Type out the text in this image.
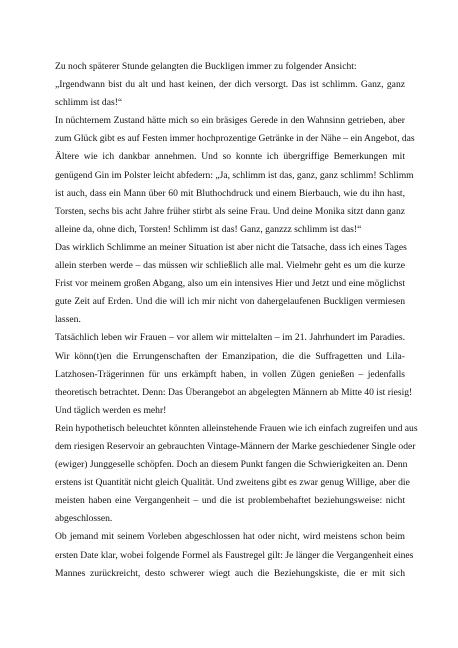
Zu noch späterer Stunde gelangten die Buckligen immer zu folgender Ansicht:
„Irgendwann bist du alt und hast keinen, der dich versorgt. Das ist schlimm. Ganz, ganz
schlimm ist das!“
In nüchternem Zustand hätte mich so ein bräsiges Gerede in den Wahnsinn getrieben, aber
zum Glück gibt es auf Festen immer hochprozentige Getränke in der Nähe – ein Angebot, das
Ältere wie ich dankbar annehmen. Und so konnte ich übergriffige Bemerkungen mit
genügend Gin im Polster leicht abfedern: „Ja, schlimm ist das, ganz, ganz schlimm! Schlimm
ist auch, dass ein Mann über 60 mit Bluthochdruck und einem Bierbauch, wie du ihn hast,
Torsten, sechs bis acht Jahre früher stirbt als seine Frau. Und deine Monika sitzt dann ganz
alleine da, ohne dich, Torsten! Schlimm ist das! Ganz, ganzzz schlimm ist das!“
Das wirklich Schlimme an meiner Situation ist aber nicht die Tatsache, dass ich eines Tages
allein sterben werde – das müssen wir schließlich alle mal. Vielmehr geht es um die kurze
Frist vor meinem großen Abgang, also um ein intensives Hier und Jetzt und eine möglichst
gute Zeit auf Erden. Und die will ich mir nicht von dahergelaufenen Buckligen vermiesen
lassen.
Tatsächlich leben wir Frauen – vor allem wir mittelalten – im 21. Jahrhundert im Paradies.
Wir könn(t)en die Errungenschaften der Emanzipation, die die Suffragetten und Lila-
Latzhosen-Trägerinnen für uns erkämpft haben, in vollen Zügen genießen – jedenfalls
theoretisch betrachtet. Denn: Das Überangebot an abgelegten Männern ab Mitte 40 ist riesig!
Und täglich werden es mehr!
Rein hypothetisch beleuchtet könnten alleinstehende Frauen wie ich einfach zugreifen und aus
dem riesigen Reservoir an gebrauchten Vintage-Männern der Marke geschiedener Single oder
(ewiger) Junggeselle schöpfen. Doch an diesem Punkt fangen die Schwierigkeiten an. Denn
erstens ist Quantität nicht gleich Qualität. Und zweitens gibt es zwar genug Willige, aber die
meisten haben eine Vergangenheit – und die ist problembehaftet beziehungsweise: nicht
abgeschlossen.
Ob jemand mit seinem Vorleben abgeschlossen hat oder nicht, wird meistens schon beim
ersten Date klar, wobei folgende Formel als Faustregel gilt: Je länger die Vergangenheit eines
Mannes zurückreicht, desto schwerer wiegt auch die Beziehungskiste, die er mit sich
